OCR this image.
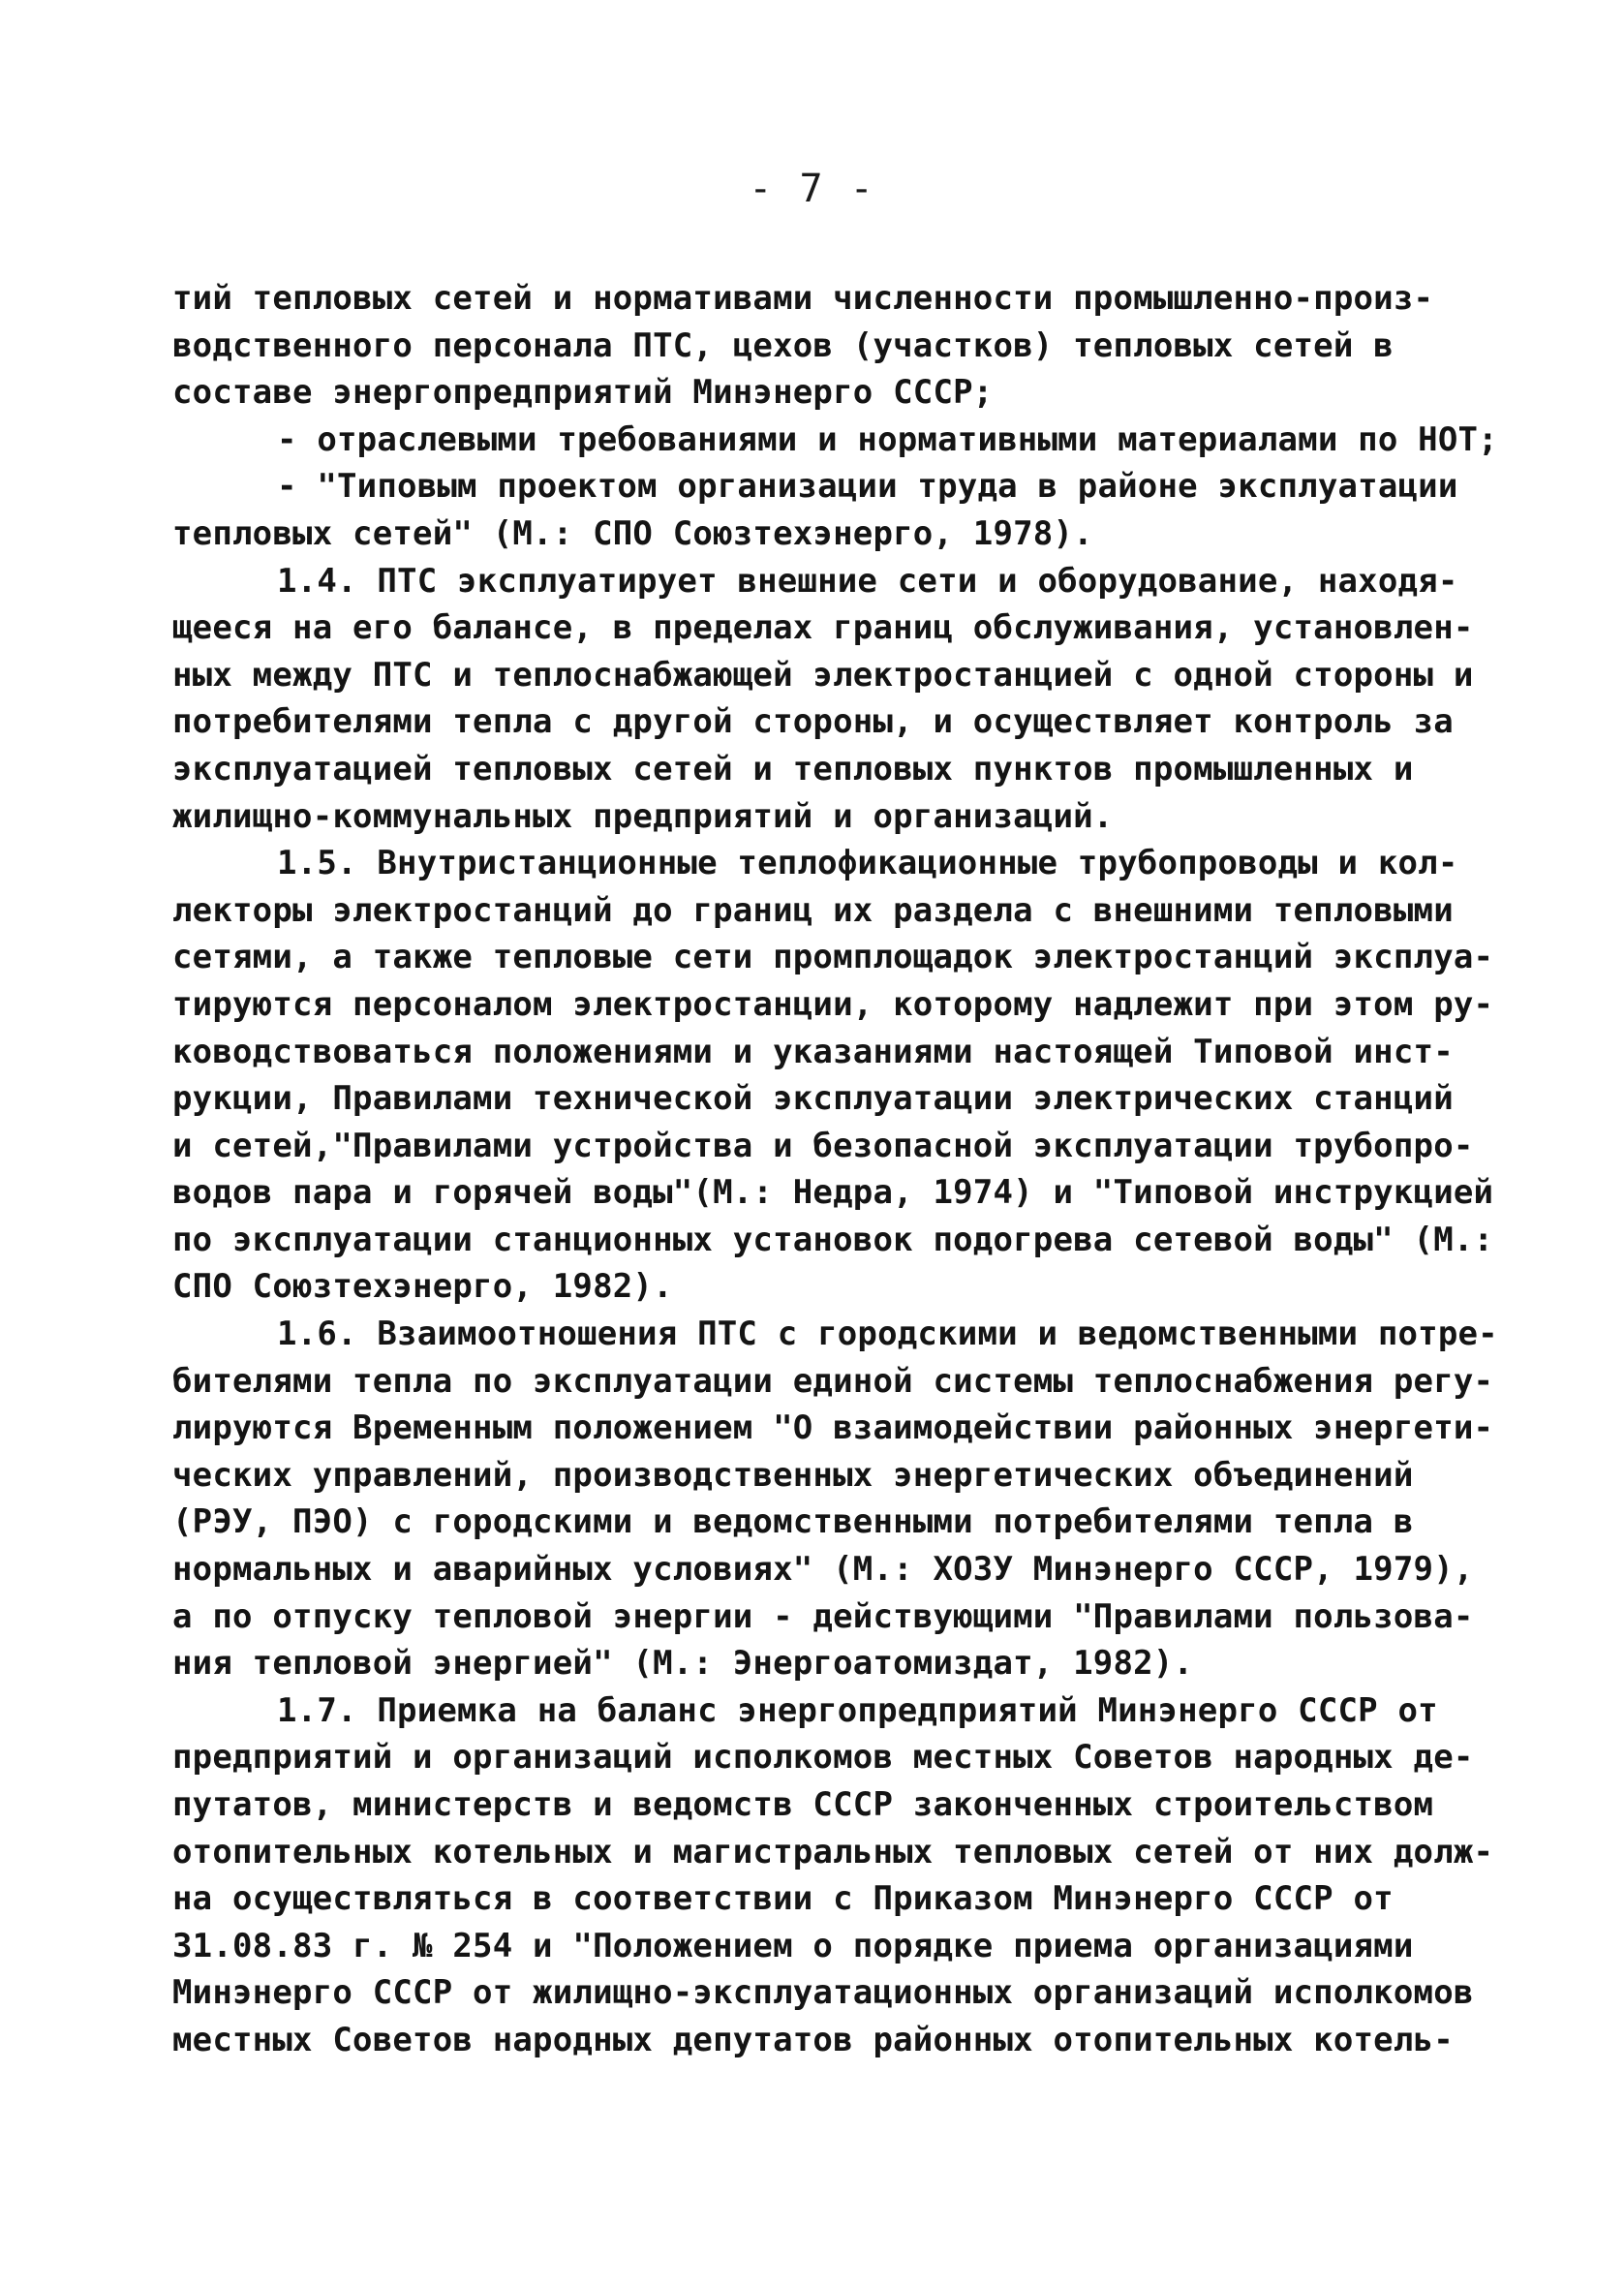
- 7 -
тий тепловых сетей и нормативами численности промышленно-произ-
водственного персонала ПТС, цехов (участков) тепловых сетей в
составе энергопредприятий Минэнерго СССР;
- отраслевыми требованиями и нормативными материалами по НОТ;
- "Типовым проектом организации труда в районе эксплуатации
тепловых сетей" (М.: СПО Союзтехэнерго, 1978).
1.4. ПТС эксплуатирует внешние сети и оборудование, находя-
щееся на его балансе, в пределах границ обслуживания, установлен-
ных между ПТС и теплоснабжающей электростанцией с одной стороны и
потребителями тепла с другой стороны, и осуществляет контроль за
эксплуатацией тепловых сетей и тепловых пунктов промышленных и
жилищно-коммунальных предприятий и организаций.
1.5. Внутристанционные теплофикационные трубопроводы и кол-
лекторы электростанций до границ их раздела с внешними тепловыми
сетями, а также тепловые сети промплощадок электростанций эксплуа-
тируются персоналом электростанции, которому надлежит при этом ру-
ководствоваться положениями и указаниями настоящей Типовой инст-
рукции, Правилами технической эксплуатации электрических станций
и сетей,"Правилами устройства и безопасной эксплуатации трубопро-
водов пара и горячей воды"(М.: Недра, 1974) и "Типовой инструкцией
по эксплуатации станционных установок подогрева сетевой воды" (М.:
СПО Союзтехэнерго, 1982).
1.6. Взаимоотношения ПТС с городскими и ведомственными потре-
бителями тепла по эксплуатации единой системы теплоснабжения регу-
лируются Временным положением "О взаимодействии районных энергети-
ческих управлений, производственных энергетических объединений
(РЭУ, ПЭО) с городскими и ведомственными потребителями тепла в
нормальных и аварийных условиях" (М.: ХОЗУ Минэнерго СССР, 1979),
а по отпуску тепловой энергии - действующими "Правилами пользова-
ния тепловой энергией" (М.: Энергоатомиздат, 1982).
1.7. Приемка на баланс энергопредприятий Минэнерго СССР от
предприятий и организаций исполкомов местных Советов народных де-
путатов, министерств и ведомств СССР законченных строительством
отопительных котельных и магистральных тепловых сетей от них долж-
на осуществляться в соответствии с Приказом Минэнерго СССР от
31.08.83 г. № 254 и "Положением о порядке приема организациями
Минэнерго СССР от жилищно-эксплуатационных организаций исполкомов
местных Советов народных депутатов районных отопительных котель-
